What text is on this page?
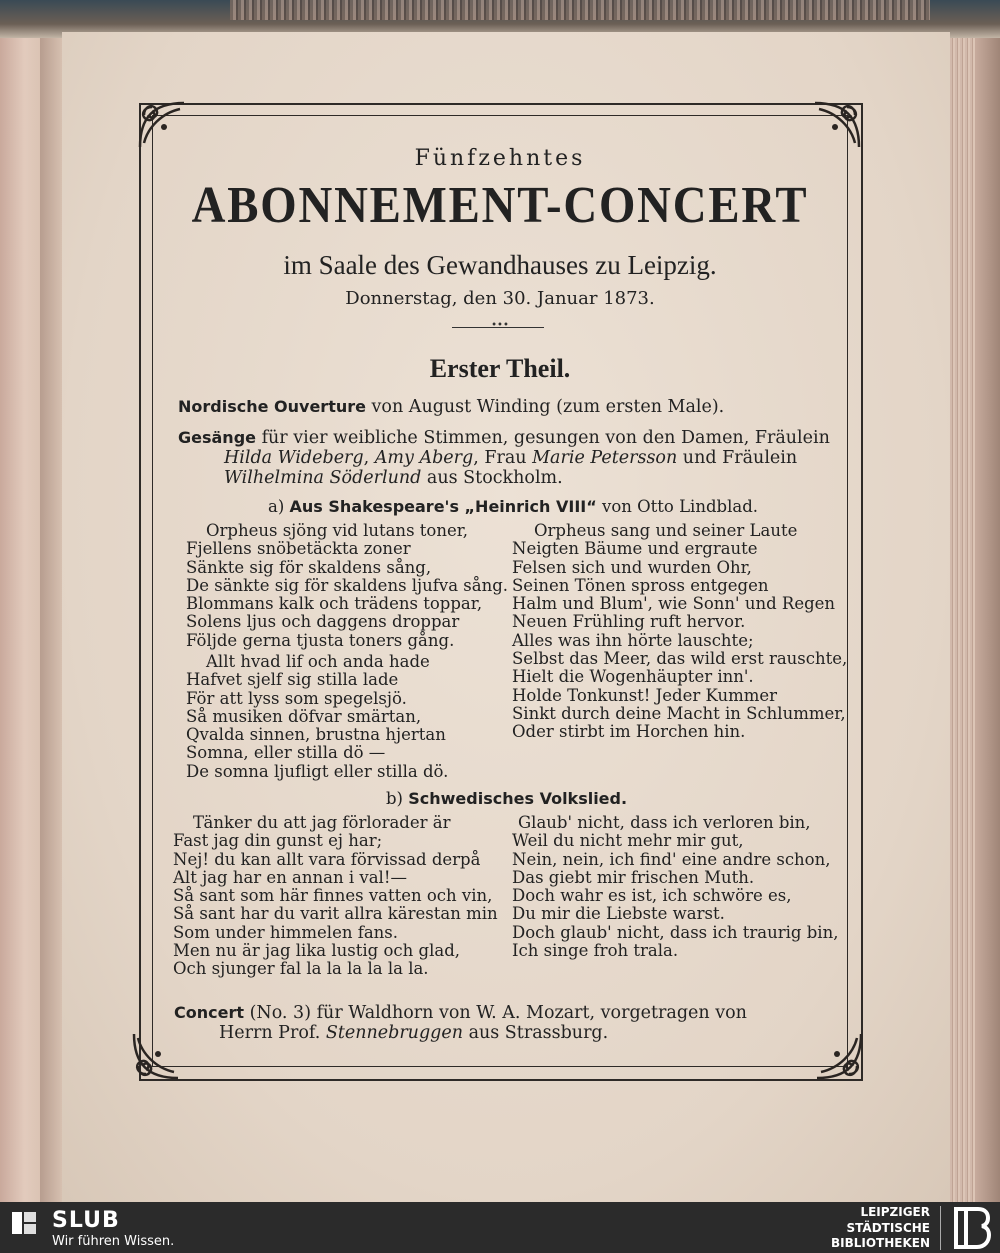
Fünfzehntes
ABONNEMENT-CONCERT
im Saale des Gewandhauses zu Leipzig.
Donnerstag, den 30. Januar 1873.
•••
Erster Theil.
Nordische Ouverture von August Winding (zum ersten Male).
Gesänge für vier weibliche Stimmen, gesungen von den Damen, Fräulein
Hilda Wideberg, Amy Aberg, Frau Marie Petersson und Fräulein
Wilhelmina Söderlund aus Stockholm.
a) Aus Shakespeare's „Heinrich VIII“ von Otto Lindblad.
Orpheus sjöng vid lutans toner,
Fjellens snöbetäckta zoner
Sänkte sig för skaldens sång,
De sänkte sig för skaldens ljufva sång.
Blommans kalk och trädens toppar,
Solens ljus och daggens droppar
Följde gerna tjusta toners gång.
Allt hvad lif och anda hade
Hafvet sjelf sig stilla lade
För att lyss som spegelsjö.
Så musiken döfvar smärtan,
Qvalda sinnen, brustna hjertan
Somna, eller stilla dö —
De somna ljufligt eller stilla dö.
Orpheus sang und seiner Laute
Neigten Bäume und ergraute
Felsen sich und wurden Ohr,
Seinen Tönen spross entgegen
Halm und Blum', wie Sonn' und Regen
Neuen Frühling ruft hervor.
Alles was ihn hörte lauschte;
Selbst das Meer, das wild erst rauschte,
Hielt die Wogenhäupter inn'.
Holde Tonkunst! Jeder Kummer
Sinkt durch deine Macht in Schlummer,
Oder stirbt im Horchen hin.
b) Schwedisches Volkslied.
Tänker du att jag förlorader är
Fast jag din gunst ej har;
Nej! du kan allt vara förvissad derpå
Alt jag har en annan i val!—
Så sant som här finnes vatten och vin,
Så sant har du varit allra kärestan min
Som under himmelen fans.
Men nu är jag lika lustig och glad,
Och sjunger fal la la la la la la.
Glaub' nicht, dass ich verloren bin,
Weil du nicht mehr mir gut,
Nein, nein, ich find' eine andre schon,
Das giebt mir frischen Muth.
Doch wahr es ist, ich schwöre es,
Du mir die Liebste warst.
Doch glaub' nicht, dass ich traurig bin,
Ich singe froh trala.
Concert (No. 3) für Waldhorn von W. A. Mozart, vorgetragen von
Herrn Prof. Stennebruggen aus Strassburg.
SLUB
Wir führen Wissen.
LEIPZIGER
STÄDTISCHE
BIBLIOTHEKEN
